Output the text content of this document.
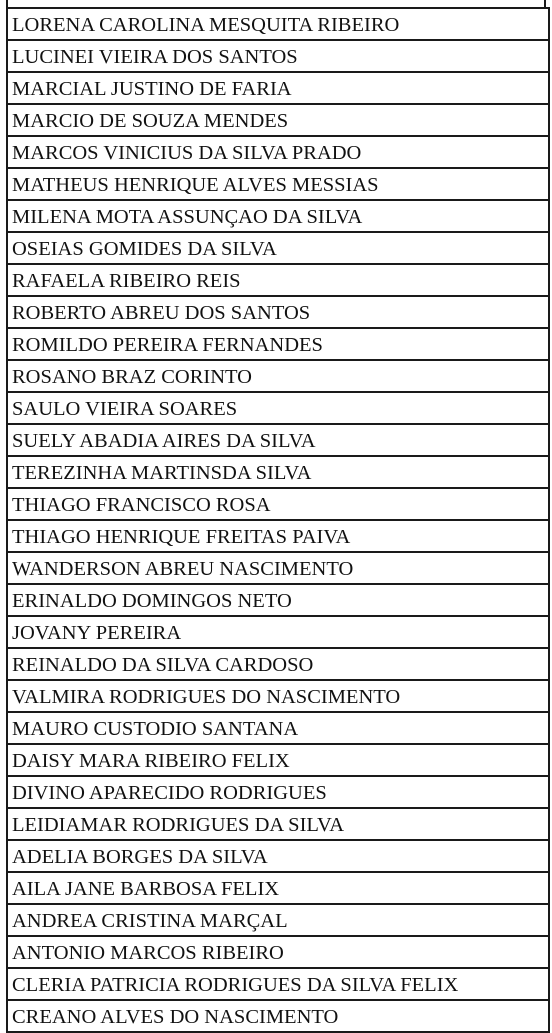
LORENA CAROLINA MESQUITA RIBEIRO
LUCINEI VIEIRA DOS SANTOS
MARCIAL JUSTINO DE FARIA
MARCIO DE SOUZA MENDES
MARCOS VINICIUS DA SILVA PRADO
MATHEUS HENRIQUE ALVES MESSIAS
MILENA MOTA ASSUNÇAO DA SILVA
OSEIAS GOMIDES DA SILVA
RAFAELA RIBEIRO REIS
ROBERTO ABREU DOS SANTOS
ROMILDO PEREIRA FERNANDES
ROSANO BRAZ CORINTO
SAULO VIEIRA SOARES
SUELY ABADIA AIRES DA SILVA
TEREZINHA MARTINSDA SILVA
THIAGO FRANCISCO ROSA
THIAGO HENRIQUE FREITAS PAIVA
WANDERSON ABREU NASCIMENTO
ERINALDO DOMINGOS NETO
JOVANY PEREIRA
REINALDO DA SILVA CARDOSO
VALMIRA RODRIGUES DO NASCIMENTO
MAURO CUSTODIO SANTANA
DAISY MARA RIBEIRO FELIX
DIVINO APARECIDO RODRIGUES
LEIDIAMAR RODRIGUES DA SILVA
ADELIA BORGES DA SILVA
AILA JANE BARBOSA FELIX
ANDREA CRISTINA MARÇAL
ANTONIO MARCOS RIBEIRO
CLERIA PATRICIA RODRIGUES DA SILVA FELIX
CREANO ALVES DO NASCIMENTO
